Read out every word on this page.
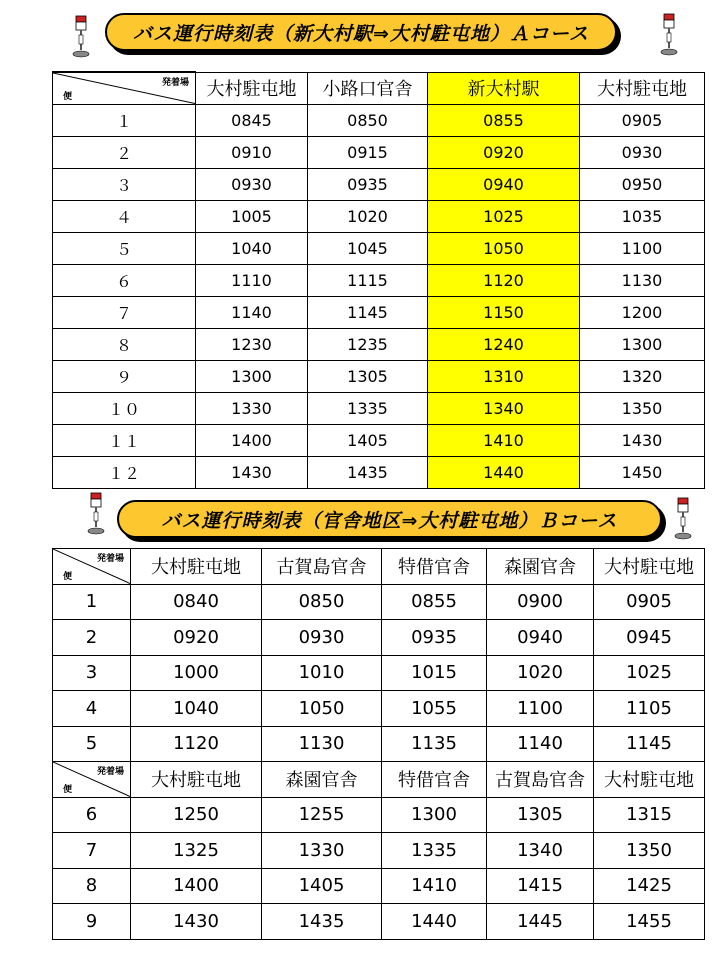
バス運行時刻表（新大村駅⇒大村駐屯地）Ａコース
発着場
便	大村駐屯地	小路口官舎	新大村駅	大村駐屯地
１	0845	0850	0855	0905
２	0910	0915	0920	0930
３	0930	0935	0940	0950
４	1005	1020	1025	1035
５	1040	1045	1050	1100
６	1110	1115	1120	1130
７	1140	1145	1150	1200
８	1230	1235	1240	1300
９	1300	1305	1310	1320
１０	1330	1335	1340	1350
１１	1400	1405	1410	1430
１２	1430	1435	1440	1450
バス運行時刻表（官舎地区⇒大村駐屯地）Ｂコース
発着場
便	大村駐屯地	古賀島官舎	特借官舎	森園官舎	大村駐屯地
1	0840	0850	0855	0900	0905
2	0920	0930	0935	0940	0945
3	1000	1010	1015	1020	1025
4	1040	1050	1055	1100	1105
5	1120	1130	1135	1140	1145

発着場
便	大村駐屯地	森園官舎	特借官舎	古賀島官舎	大村駐屯地
6	1250	1255	1300	1305	1315
7	1325	1330	1335	1340	1350
8	1400	1405	1410	1415	1425
9	1430	1435	1440	1445	1455
